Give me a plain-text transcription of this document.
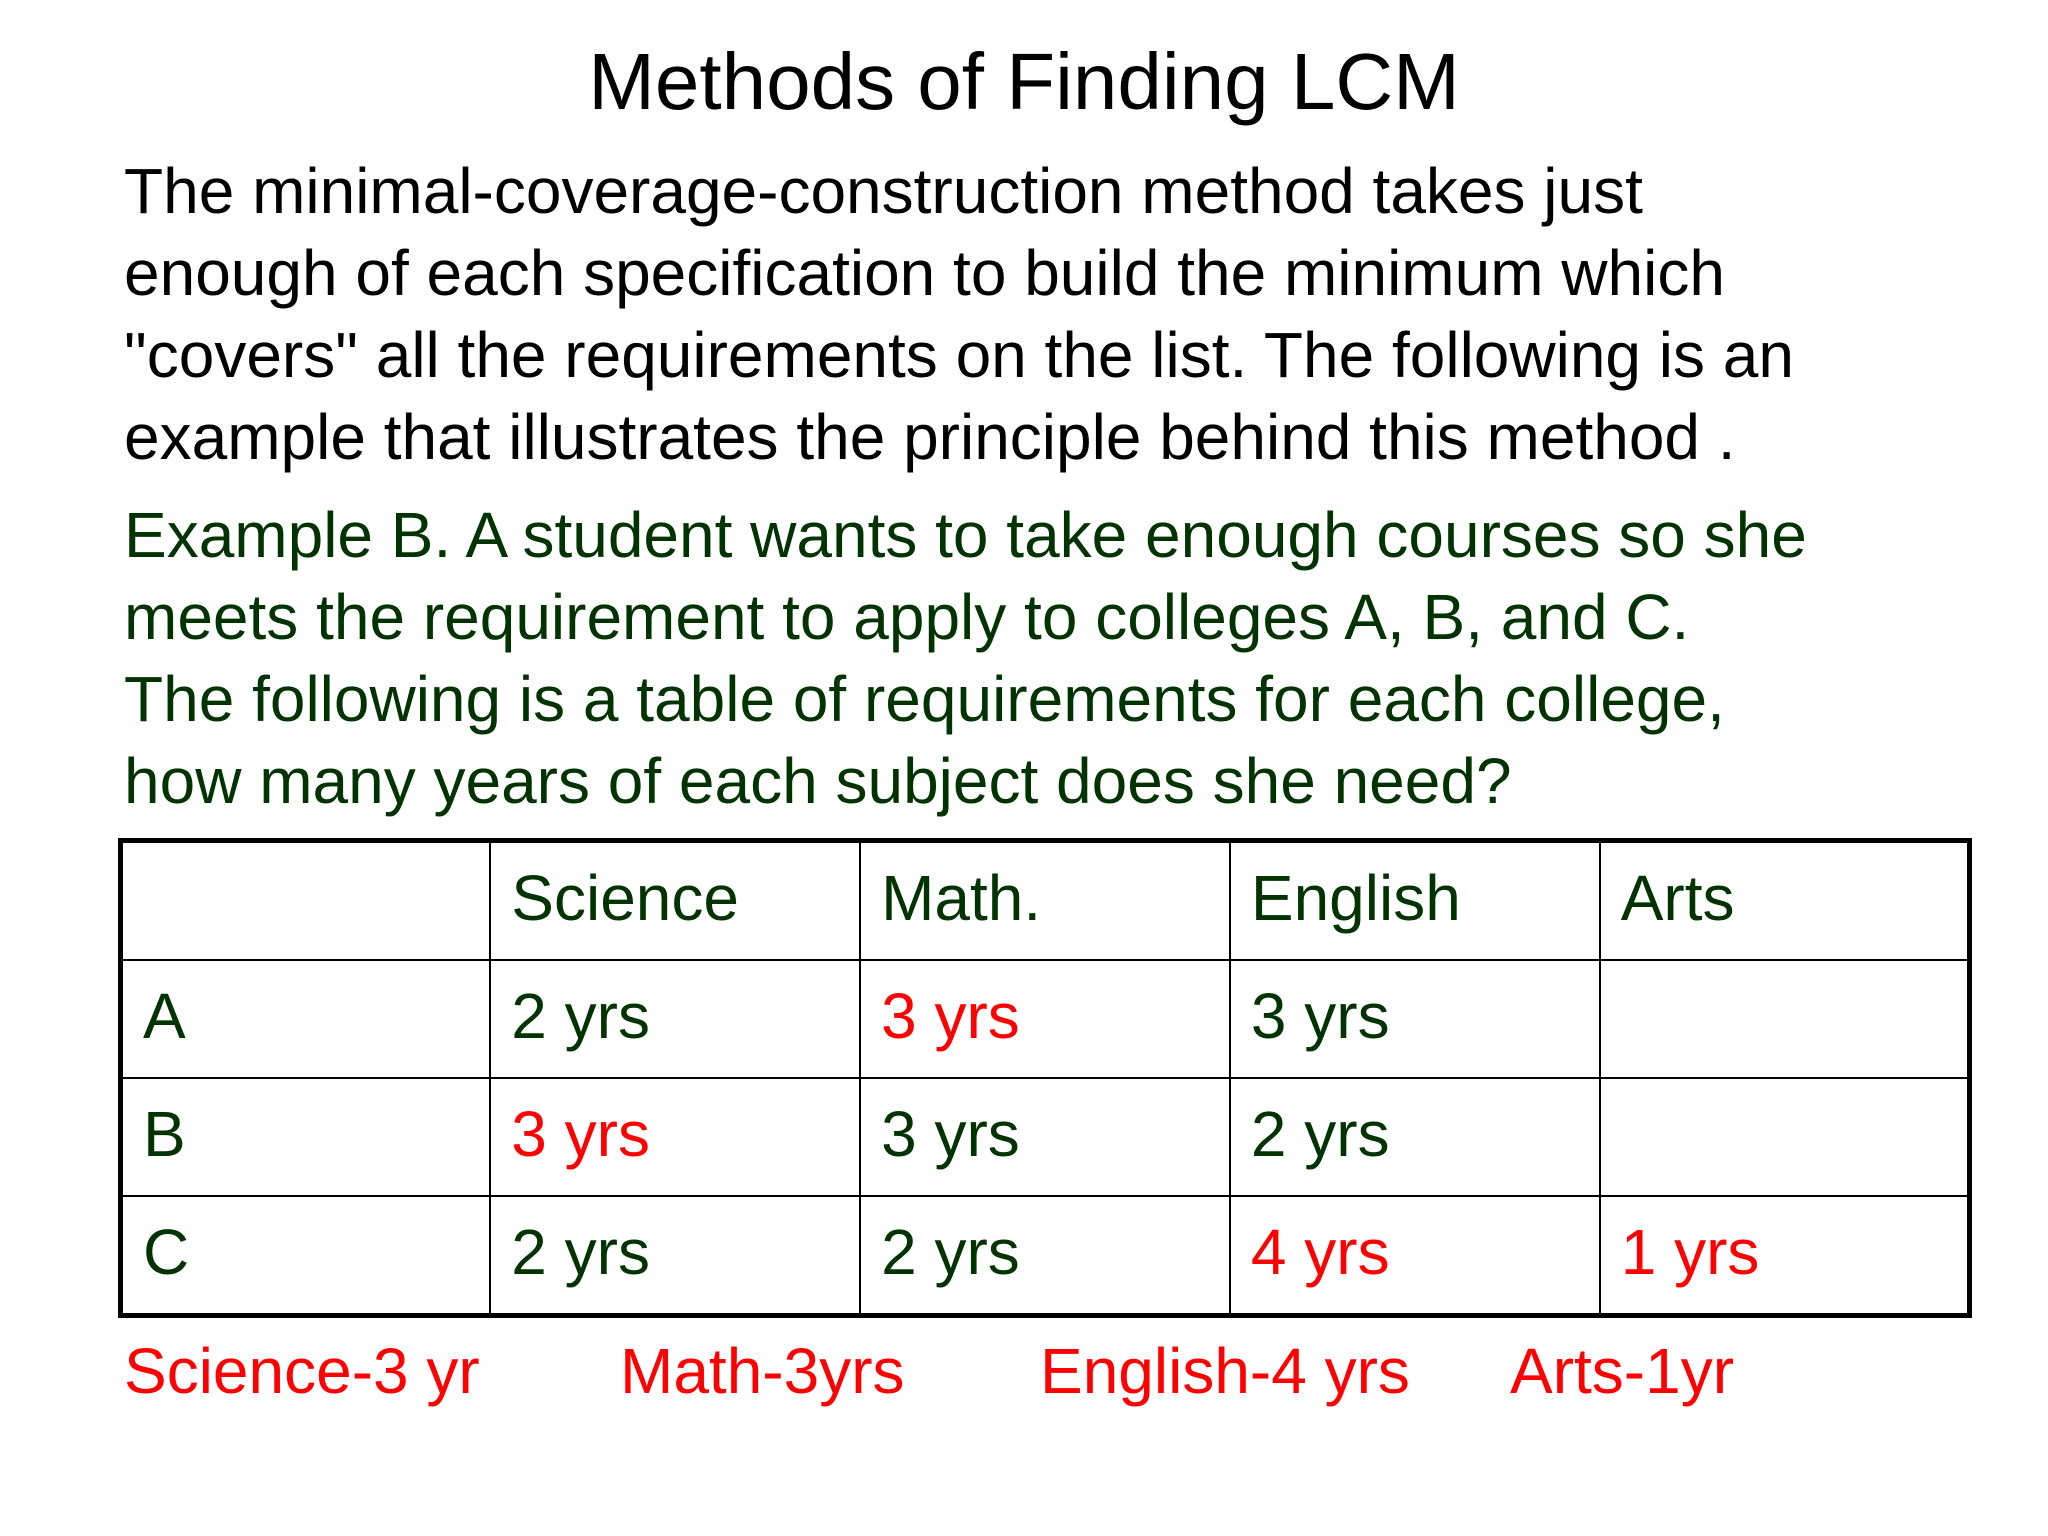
Methods of Finding LCM
The minimal-coverage-construction method takes just
enough of each specification to build the minimum which
"covers" all the requirements on the list. The following is an
example that illustrates the principle behind this method .
Example B. A student wants to take enough courses so she
meets the requirement to apply to colleges A, B, and C.
The following is a table of requirements for each college,
how many years of each subject does she need?
	Science	Math.	English	Arts
A	2 yrs	3 yrs	3 yrs	
B	3 yrs	3 yrs	2 yrs	
C	2 yrs	2 yrs	4 yrs	1 yrs
Science-3 yr Math-3yrs English-4 yrs Arts-1yr
